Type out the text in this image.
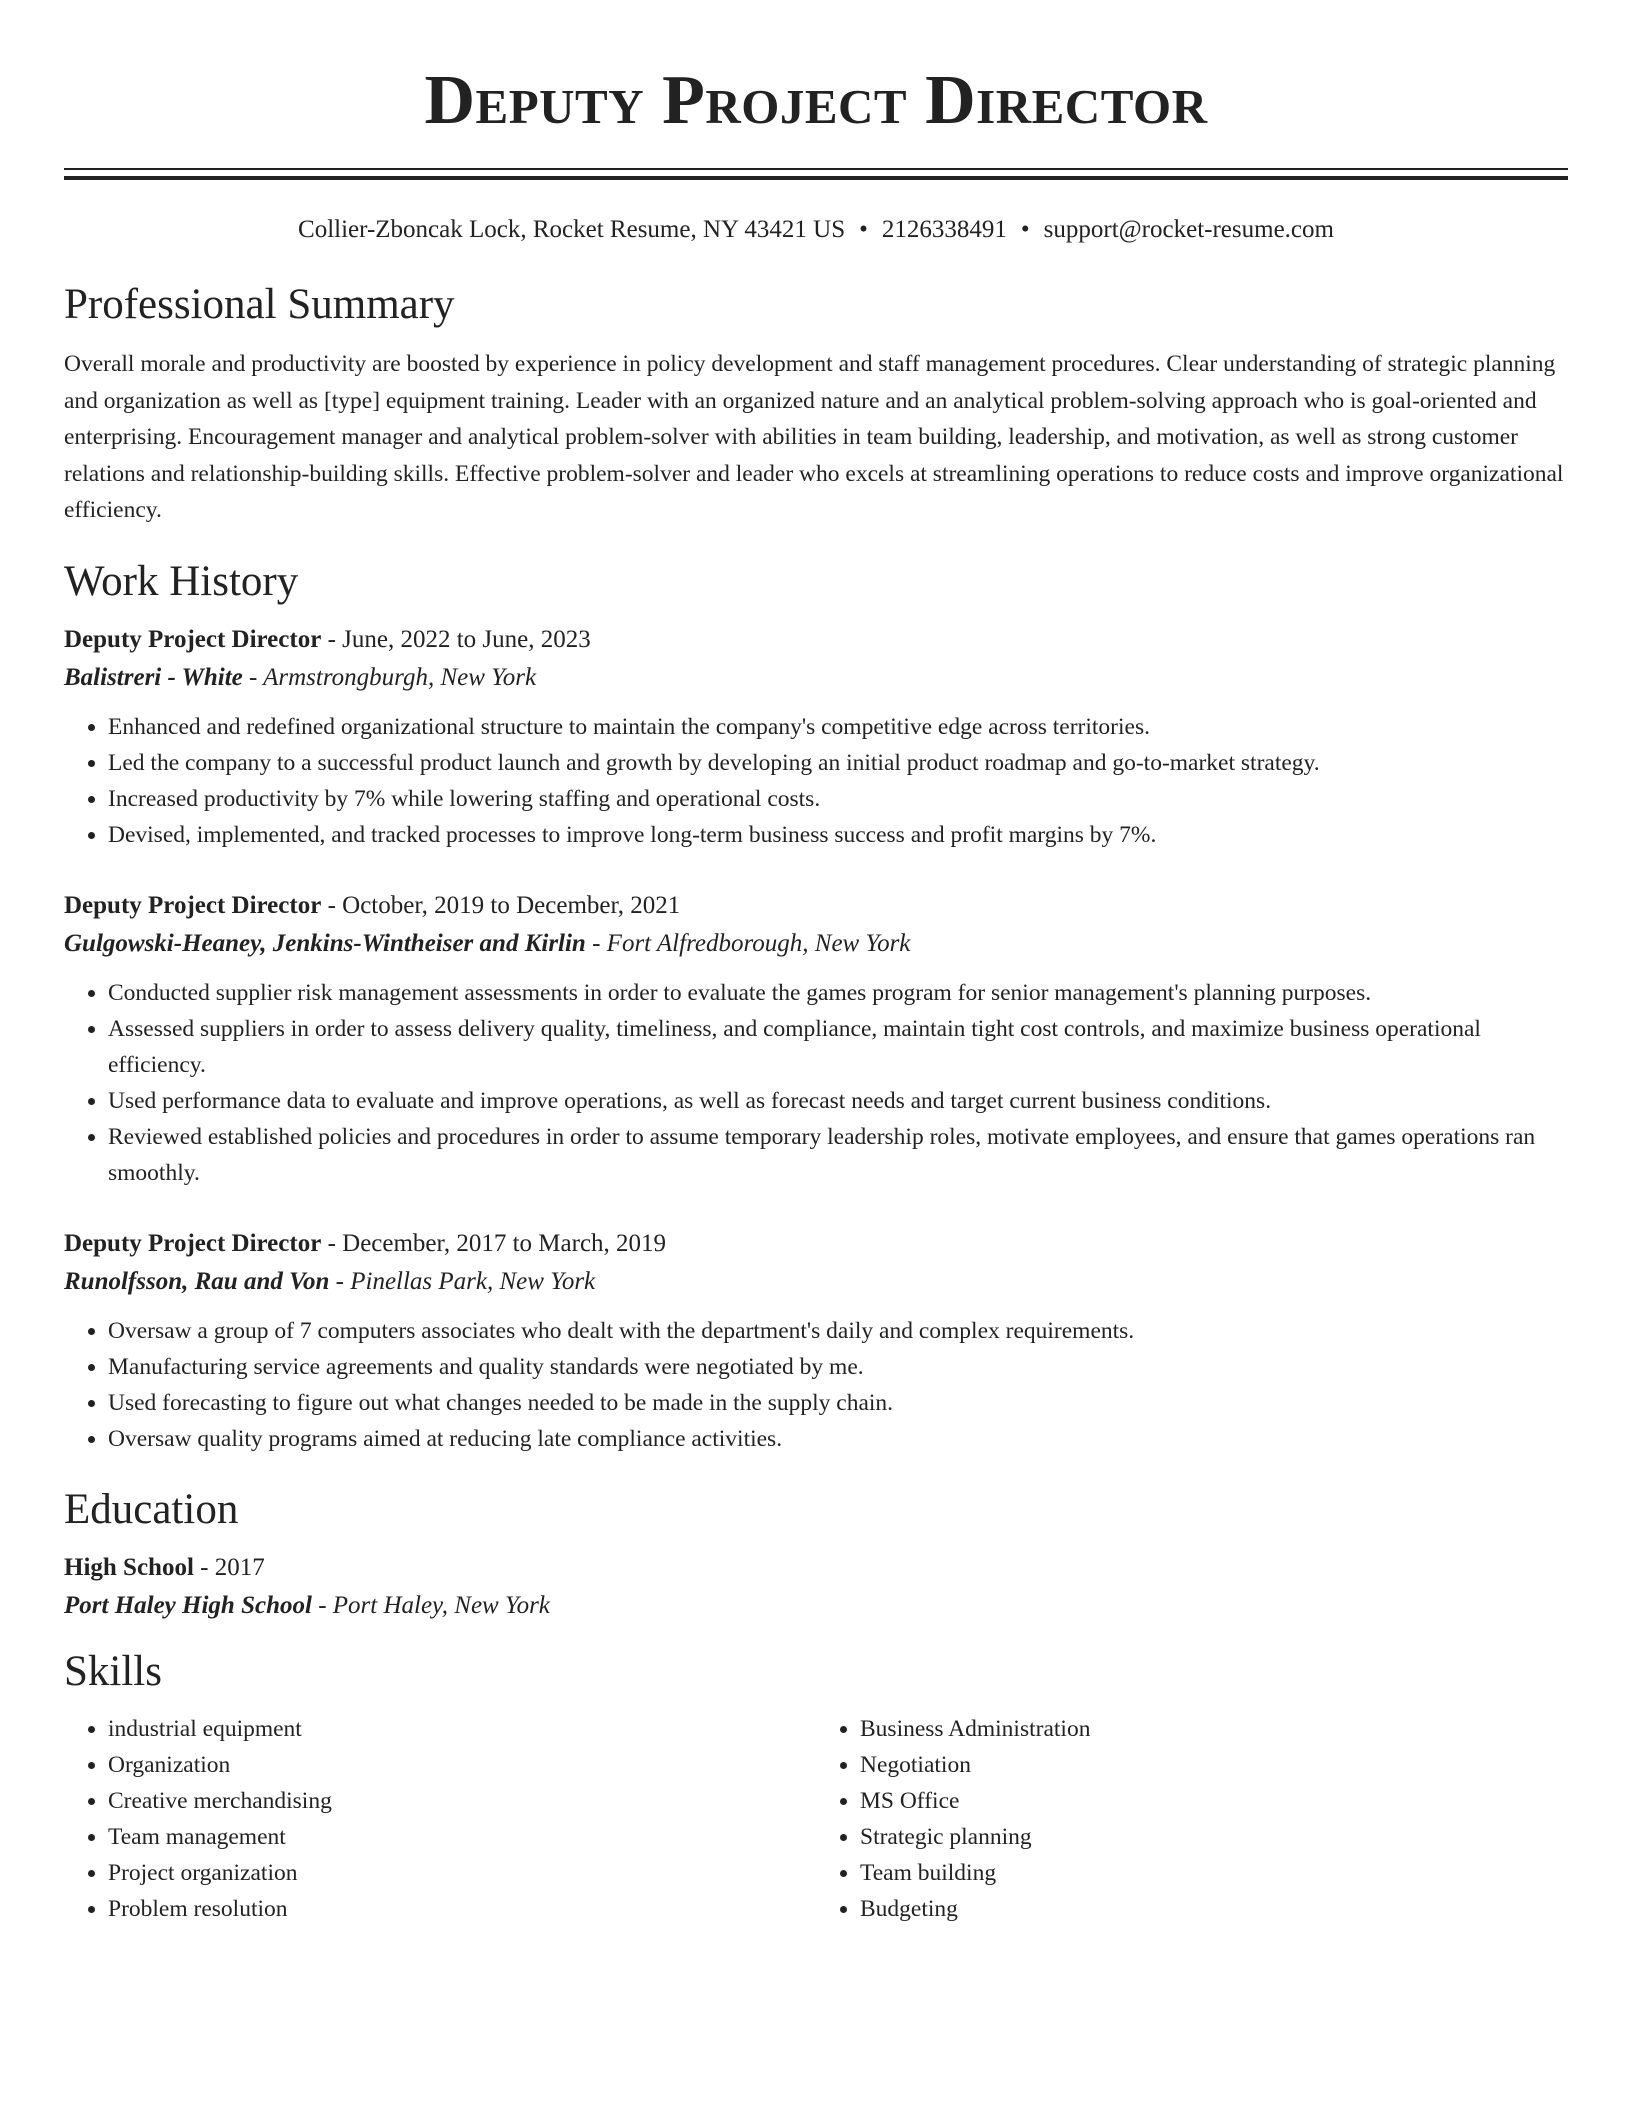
Deputy Project Director
Collier-Zboncak Lock, Rocket Resume, NY 43421 US • 2126338491 • support@rocket-resume.com
Professional Summary

Overall morale and productivity are boosted by experience in policy development and staff management procedures. Clear understanding of strategic planning and organization as well as [type] equipment training. Leader with an organized nature and an analytical problem-solving approach who is goal-oriented and enterprising. Encouragement manager and analytical problem-solver with abilities in team building, leadership, and motivation, as well as strong customer relations and relationship-building skills. Effective problem-solver and leader who excels at streamlining operations to reduce costs and improve organizational efficiency.

Work History
Deputy Project Director - June, 2022 to June, 2023
Balistreri - White - Armstrongburgh, New York
• Enhanced and redefined organizational structure to maintain the company's competitive edge across territories.
• Led the company to a successful product launch and growth by developing an initial product roadmap and go-to-market strategy.
• Increased productivity by 7% while lowering staffing and operational costs.
• Devised, implemented, and tracked processes to improve long-term business success and profit margins by 7%.
Deputy Project Director - October, 2019 to December, 2021
Gulgowski-Heaney, Jenkins-Wintheiser and Kirlin - Fort Alfredborough, New York
• Conducted supplier risk management assessments in order to evaluate the games program for senior management's planning purposes.
• Assessed suppliers in order to assess delivery quality, timeliness, and compliance, maintain tight cost controls, and maximize business operational efficiency.
• Used performance data to evaluate and improve operations, as well as forecast needs and target current business conditions.
• Reviewed established policies and procedures in order to assume temporary leadership roles, motivate employees, and ensure that games operations ran smoothly.
Deputy Project Director - December, 2017 to March, 2019
Runolfsson, Rau and Von - Pinellas Park, New York
• Oversaw a group of 7 computers associates who dealt with the department's daily and complex requirements.
• Manufacturing service agreements and quality standards were negotiated by me.
• Used forecasting to figure out what changes needed to be made in the supply chain.
• Oversaw quality programs aimed at reducing late compliance activities.
Education
High School - 2017
Port Haley High School - Port Haley, New York
Skills
• industrial equipment
• Organization
• Creative merchandising
• Team management
• Project organization
• Problem resolution
• Business Administration
• Negotiation
• MS Office
• Strategic planning
• Team building
• Budgeting
